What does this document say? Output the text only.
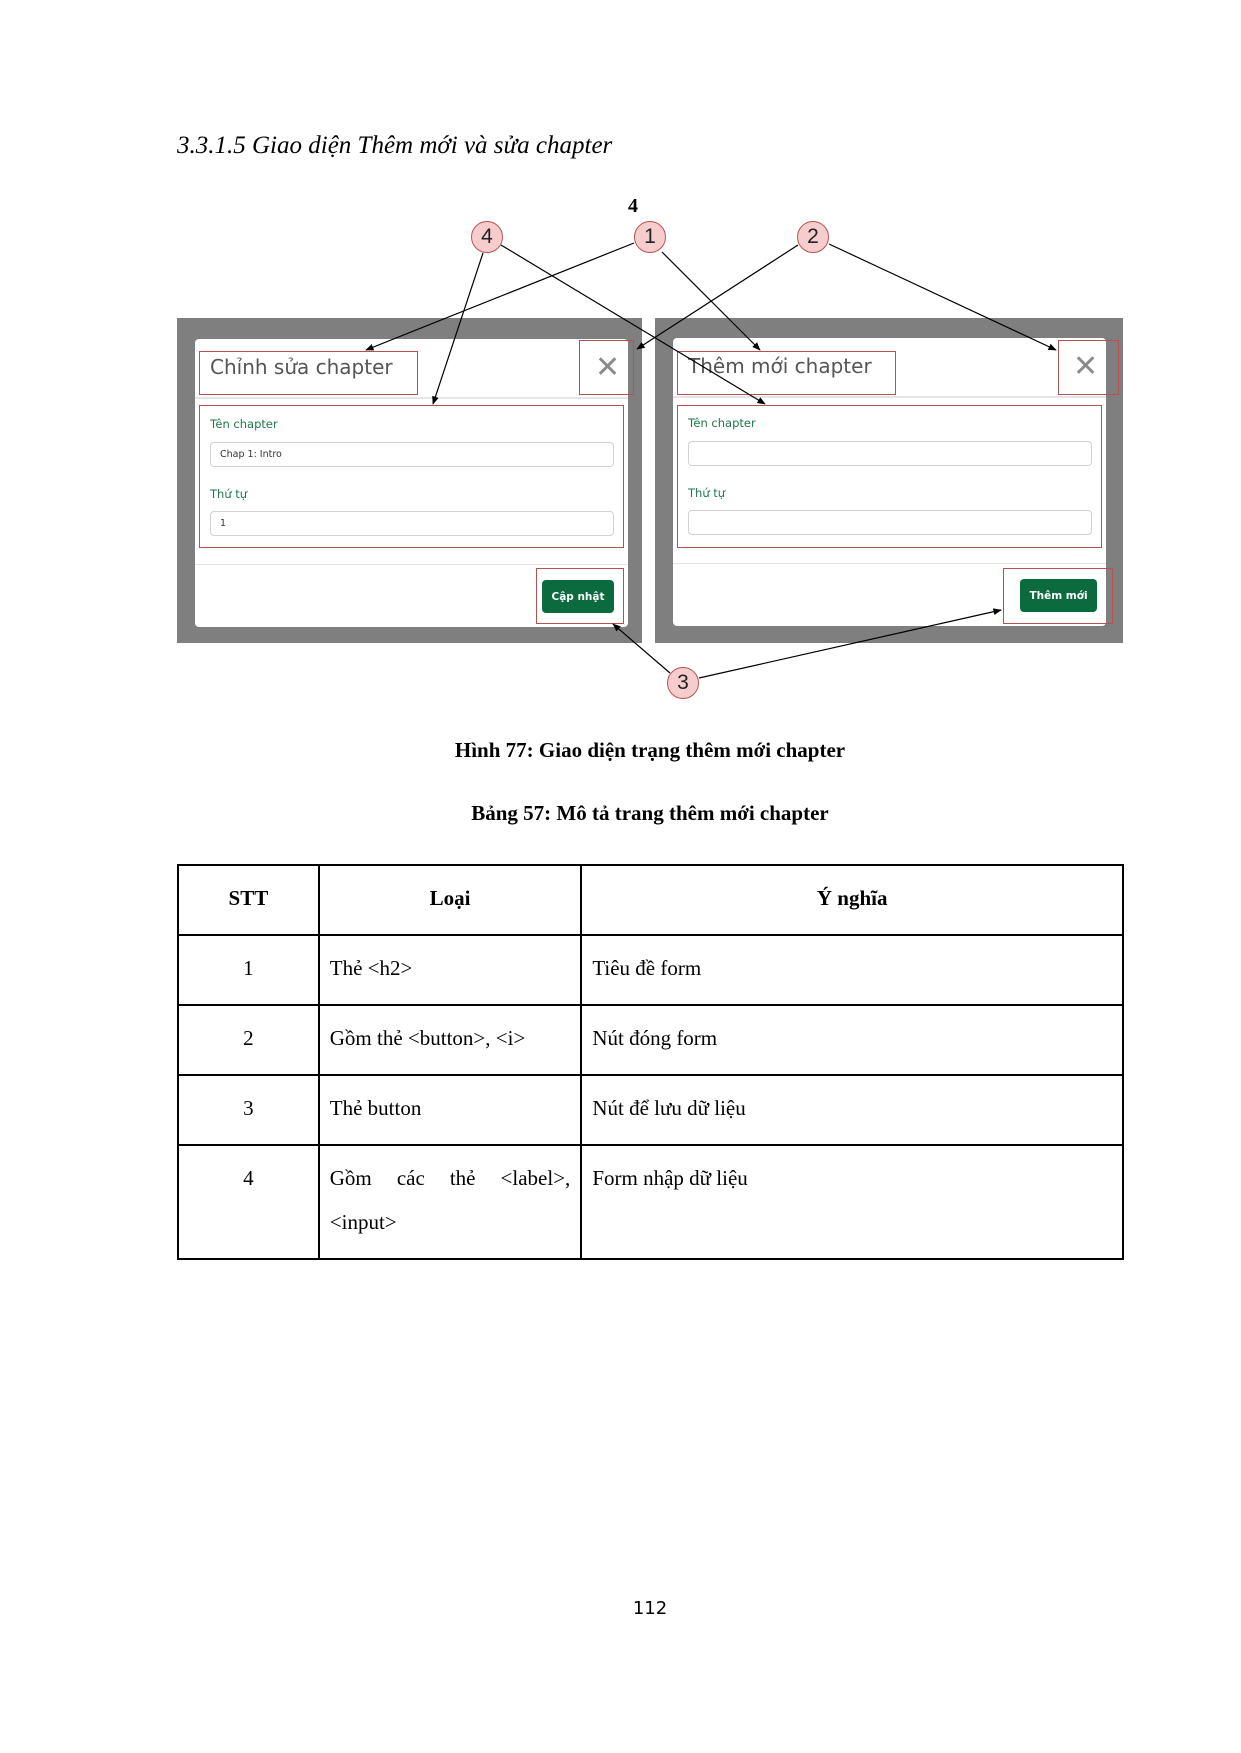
3.3.1.5 Giao diện Thêm mới và sửa chapter
4
Chỉnh sửa chapter	✕
Tên chapter
Chap 1: Intro
Thứ tự
1
Cập nhật
Thêm mới chapter	✕
Tên chapter
Thứ tự
Thêm mới
4	1	2
3
Hình 77: Giao diện trạng thêm mới chapter
Bảng 57: Mô tả trang thêm mới chapter
STT	Loại	Ý nghĩa
1	Thẻ <h2>	Tiêu đề form
2	Gồm thẻ <button>, <i>	Nút đóng form
3	Thẻ button	Nút để lưu dữ liệu
4	Gồm các thẻ <label>, <input>	Form nhập dữ liệu
112
